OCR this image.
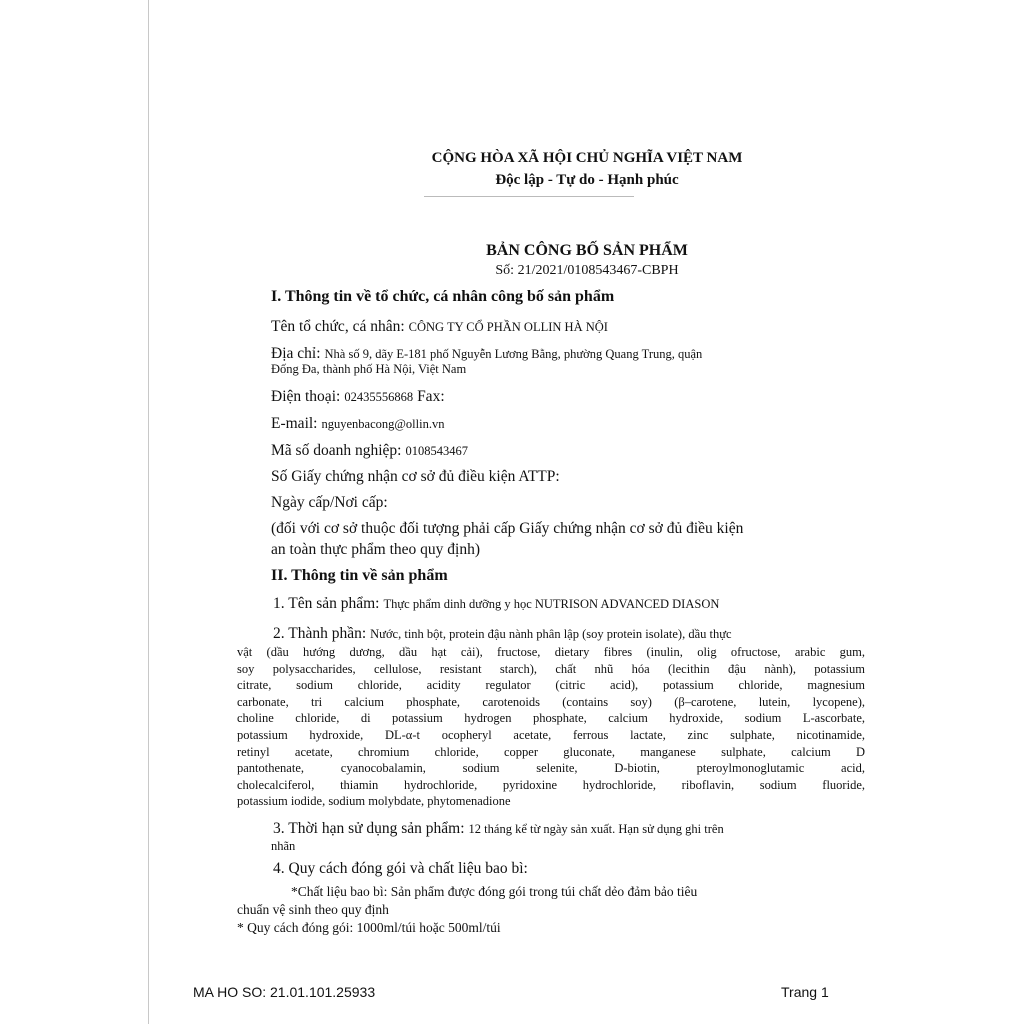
CỘNG HÒA XÃ HỘI CHỦ NGHĨA VIỆT NAM
Độc lập - Tự do - Hạnh phúc
BẢN CÔNG BỐ SẢN PHẨM
Số: 21/2021/0108543467-CBPH
I. Thông tin về tổ chức, cá nhân công bố sản phẩm
Tên tổ chức, cá nhân: CÔNG TY CỔ PHẦN OLLIN HÀ NỘI
Địa chỉ: Nhà số 9, dãy E-181 phố Nguyễn Lương Bằng, phường Quang Trung, quận
Đống Đa, thành phố Hà Nội, Việt Nam
Điện thoại: 02435556868 Fax:
E-mail: nguyenbacong@ollin.vn
Mã số doanh nghiệp: 0108543467
Số Giấy chứng nhận cơ sở đủ điều kiện ATTP:
Ngày cấp/Nơi cấp:
(đối với cơ sở thuộc đối tượng phải cấp Giấy chứng nhận cơ sở đủ điều kiện
an toàn thực phẩm theo quy định)
II. Thông tin về sản phẩm
1. Tên sản phẩm: Thực phẩm dinh dưỡng y học NUTRISON ADVANCED DIASON
2. Thành phần: Nước, tinh bột, protein đậu nành phân lập (soy protein isolate), dầu thực
vật (dầu hướng dương, dầu hạt cải), fructose, dietary fibres (inulin, olig ofructose, arabic gum,
soy polysaccharides, cellulose, resistant starch), chất nhũ hóa (lecithin đậu nành), potassium
citrate, sodium chloride, acidity regulator (citric acid), potassium chloride, magnesium
carbonate, tri calcium phosphate, carotenoids (contains soy) (β–carotene, lutein, lycopene),
choline chloride, di potassium hydrogen phosphate, calcium hydroxide, sodium L-ascorbate,
potassium hydroxide, DL-α-t ocopheryl acetate, ferrous lactate, zinc sulphate, nicotinamide,
retinyl acetate, chromium chloride, copper gluconate, manganese sulphate, calcium D
pantothenate, cyanocobalamin, sodium selenite, D-biotin, pteroylmonoglutamic acid,
cholecalciferol, thiamin hydrochloride, pyridoxine hydrochloride, riboflavin, sodium fluoride,
potassium iodide, sodium molybdate, phytomenadione
3. Thời hạn sử dụng sản phẩm: 12 tháng kể từ ngày sản xuất. Hạn sử dụng ghi trên
nhãn
4. Quy cách đóng gói và chất liệu bao bì:
*Chất liệu bao bì: Sản phẩm được đóng gói trong túi chất dẻo đảm bảo tiêu
chuẩn vệ sinh theo quy định
* Quy cách đóng gói: 1000ml/túi hoặc 500ml/túi
MA HO SO: 21.01.101.25933	Trang 1
